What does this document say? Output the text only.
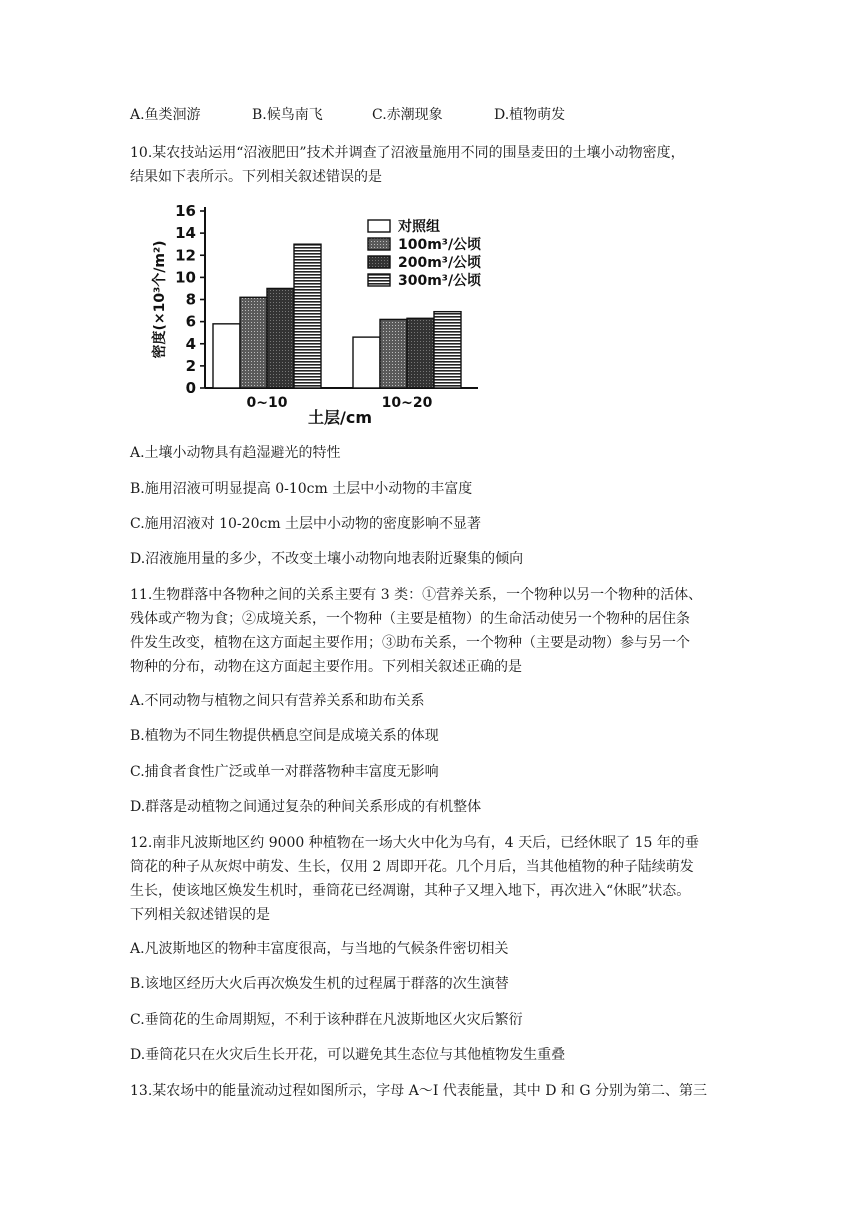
A.鱼类洄游	B.候鸟南飞	C.赤潮现象	D.植物萌发
10.某农技站运用“沼液肥田”技术并调查了沼液量施用不同的围垦麦田的土壤小动物密度，
结果如下表所示。下列相关叙述错误的是
0
2
4
6
8
10
12
14
16
密度(×10³个/m²)
0~10	10~20
土层/cm
对照组
100m³/公顷
200m³/公顷
300m³/公顷
A.土壤小动物具有趋湿避光的特性
B.施用沼液可明显提高 0-10cm 土层中小动物的丰富度
C.施用沼液对 10-20cm 土层中小动物的密度影响不显著
D.沼液施用量的多少，不改变土壤小动物向地表附近聚集的倾向
11.生物群落中各物种之间的关系主要有 3 类：①营养关系，一个物种以另一个物种的活体、
残体或产物为食；②成境关系，一个物种（主要是植物）的生命活动使另一个物种的居住条
件发生改变，植物在这方面起主要作用；③助布关系，一个物种（主要是动物）参与另一个
物种的分布，动物在这方面起主要作用。下列相关叙述正确的是
A.不同动物与植物之间只有营养关系和助布关系
B.植物为不同生物提供栖息空间是成境关系的体现
C.捕食者食性广泛或单一对群落物种丰富度无影响
D.群落是动植物之间通过复杂的种间关系形成的有机整体
12.南非凡波斯地区约 9000 种植物在一场大火中化为乌有，4 天后，已经休眠了 15 年的垂
筒花的种子从灰烬中萌发、生长，仅用 2 周即开花。几个月后，当其他植物的种子陆续萌发
生长，使该地区焕发生机时，垂筒花已经凋谢，其种子又埋入地下，再次进入“休眠”状态。
下列相关叙述错误的是
A.凡波斯地区的物种丰富度很高，与当地的气候条件密切相关
B.该地区经历大火后再次焕发生机的过程属于群落的次生演替
C.垂筒花的生命周期短，不利于该种群在凡波斯地区火灾后繁衍
D.垂筒花只在火灾后生长开花，可以避免其生态位与其他植物发生重叠
13.某农场中的能量流动过程如图所示，字母 A～I 代表能量，其中 D 和 G 分别为第二、第三
